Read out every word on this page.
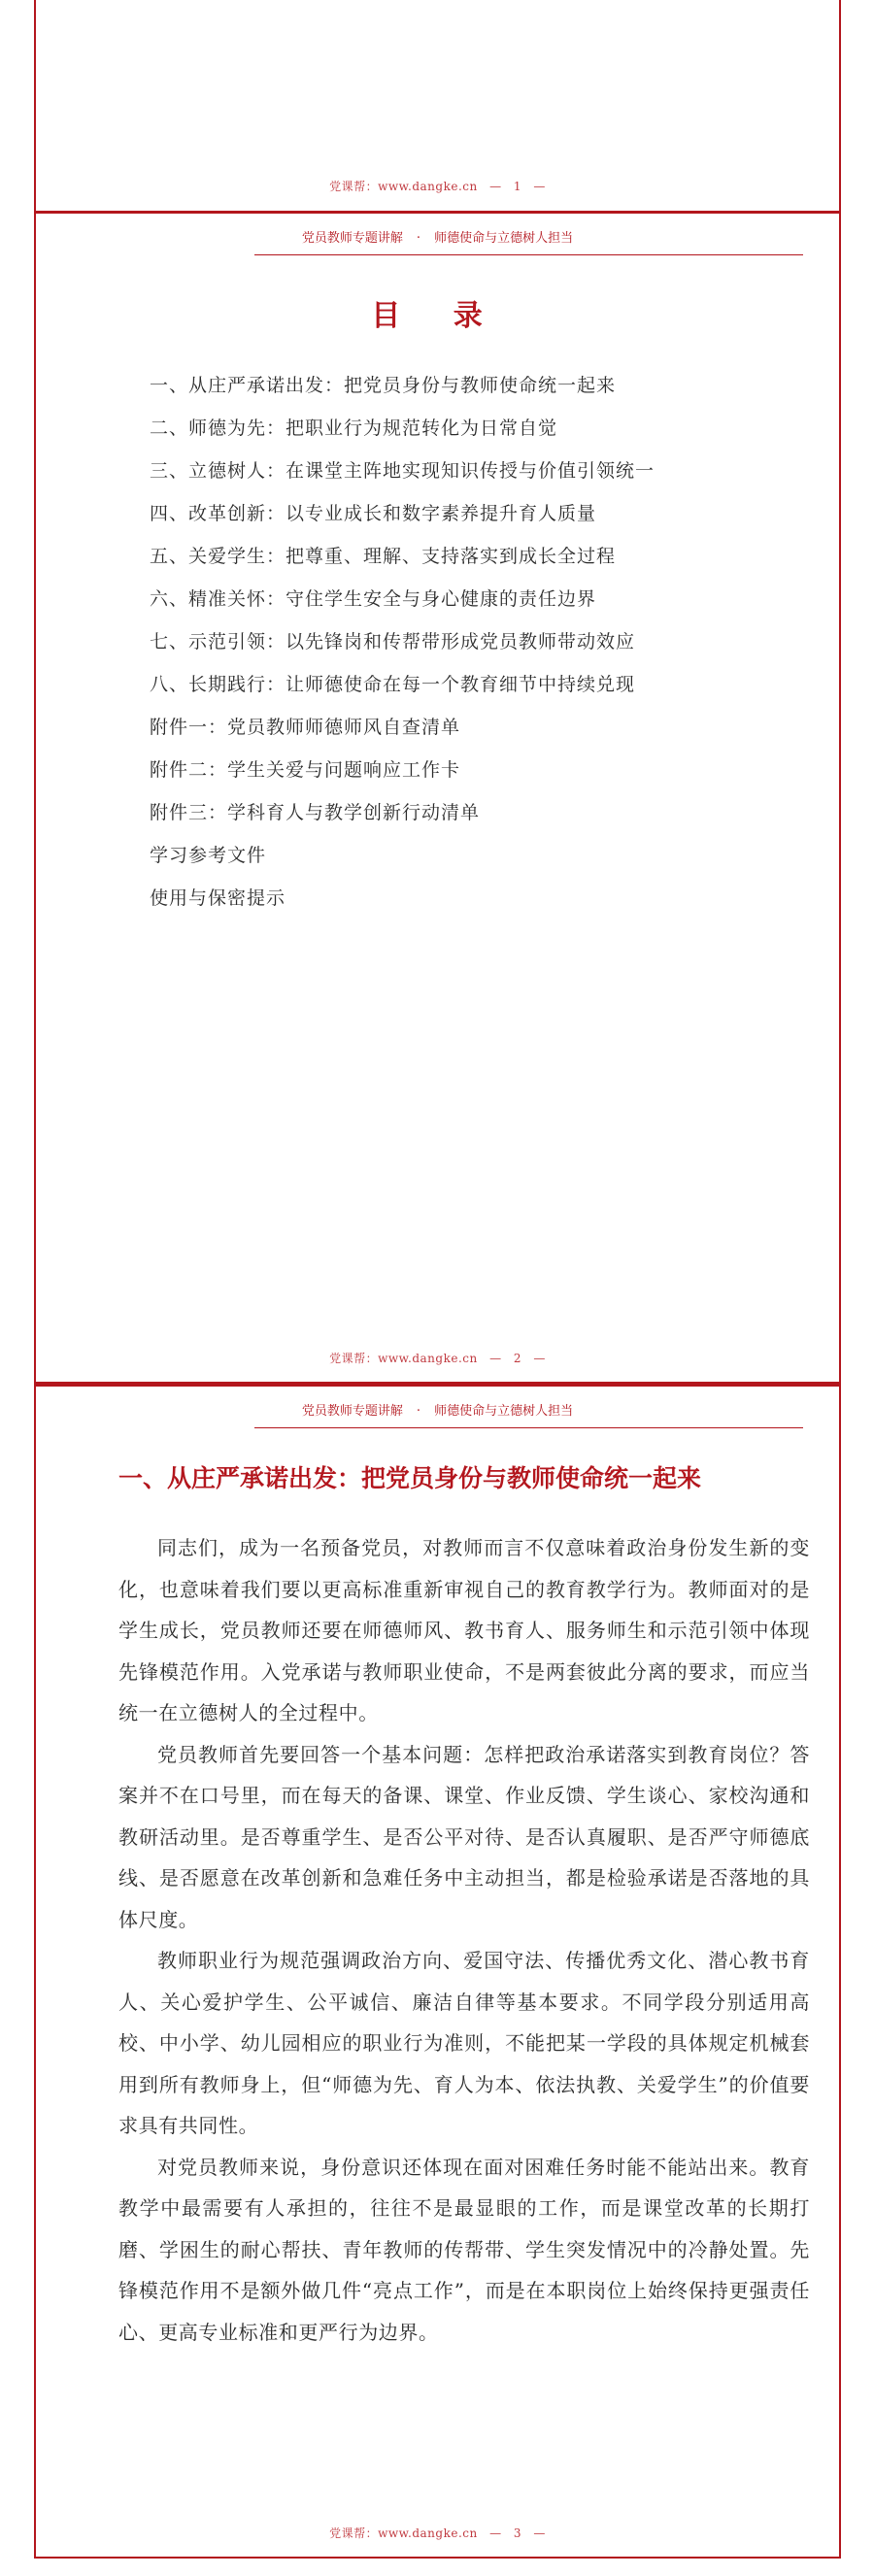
党课帮：www.dangke.cn — 1 —
党员教师专题讲解 · 师德使命与立德树人担当
目 录
一、从庄严承诺出发：把党员身份与教师使命统一起来
二、师德为先：把职业行为规范转化为日常自觉
三、立德树人：在课堂主阵地实现知识传授与价值引领统一
四、改革创新：以专业成长和数字素养提升育人质量
五、关爱学生：把尊重、理解、支持落实到成长全过程
六、精准关怀：守住学生安全与身心健康的责任边界
七、示范引领：以先锋岗和传帮带形成党员教师带动效应
八、长期践行：让师德使命在每一个教育细节中持续兑现
附件一：党员教师师德师风自查清单
附件二：学生关爱与问题响应工作卡
附件三：学科育人与教学创新行动清单
学习参考文件
使用与保密提示
党课帮：www.dangke.cn — 2 —
党员教师专题讲解 · 师德使命与立德树人担当
一、从庄严承诺出发：把党员身份与教师使命统一起来

同志们，成为一名预备党员，对教师而言不仅意味着政治身份发生新的变化，也意味着我们要以更高标准重新审视自己的教育教学行为。教师面对的是学生成长，党员教师还要在师德师风、教书育人、服务师生和示范引领中体现先锋模范作用。入党承诺与教师职业使命，不是两套彼此分离的要求，而应当统一在立德树人的全过程中。

党员教师首先要回答一个基本问题：怎样把政治承诺落实到教育岗位？答案并不在口号里，而在每天的备课、课堂、作业反馈、学生谈心、家校沟通和教研活动里。是否尊重学生、是否公平对待、是否认真履职、是否严守师德底线、是否愿意在改革创新和急难任务中主动担当，都是检验承诺是否落地的具体尺度。

教师职业行为规范强调政治方向、爱国守法、传播优秀文化、潜心教书育人、关心爱护学生、公平诚信、廉洁自律等基本要求。不同学段分别适用高校、中小学、幼儿园相应的职业行为准则，不能把某一学段的具体规定机械套用到所有教师身上，但“师德为先、育人为本、依法执教、关爱学生”的价值要求具有共同性。

对党员教师来说，身份意识还体现在面对困难任务时能不能站出来。教育教学中最需要有人承担的，往往不是最显眼的工作，而是课堂改革的长期打磨、学困生的耐心帮扶、青年教师的传帮带、学生突发情况中的冷静处置。先锋模范作用不是额外做几件“亮点工作”，而是在本职岗位上始终保持更强责任心、更高专业标准和更严行为边界。

党课帮：www.dangke.cn — 3 —
